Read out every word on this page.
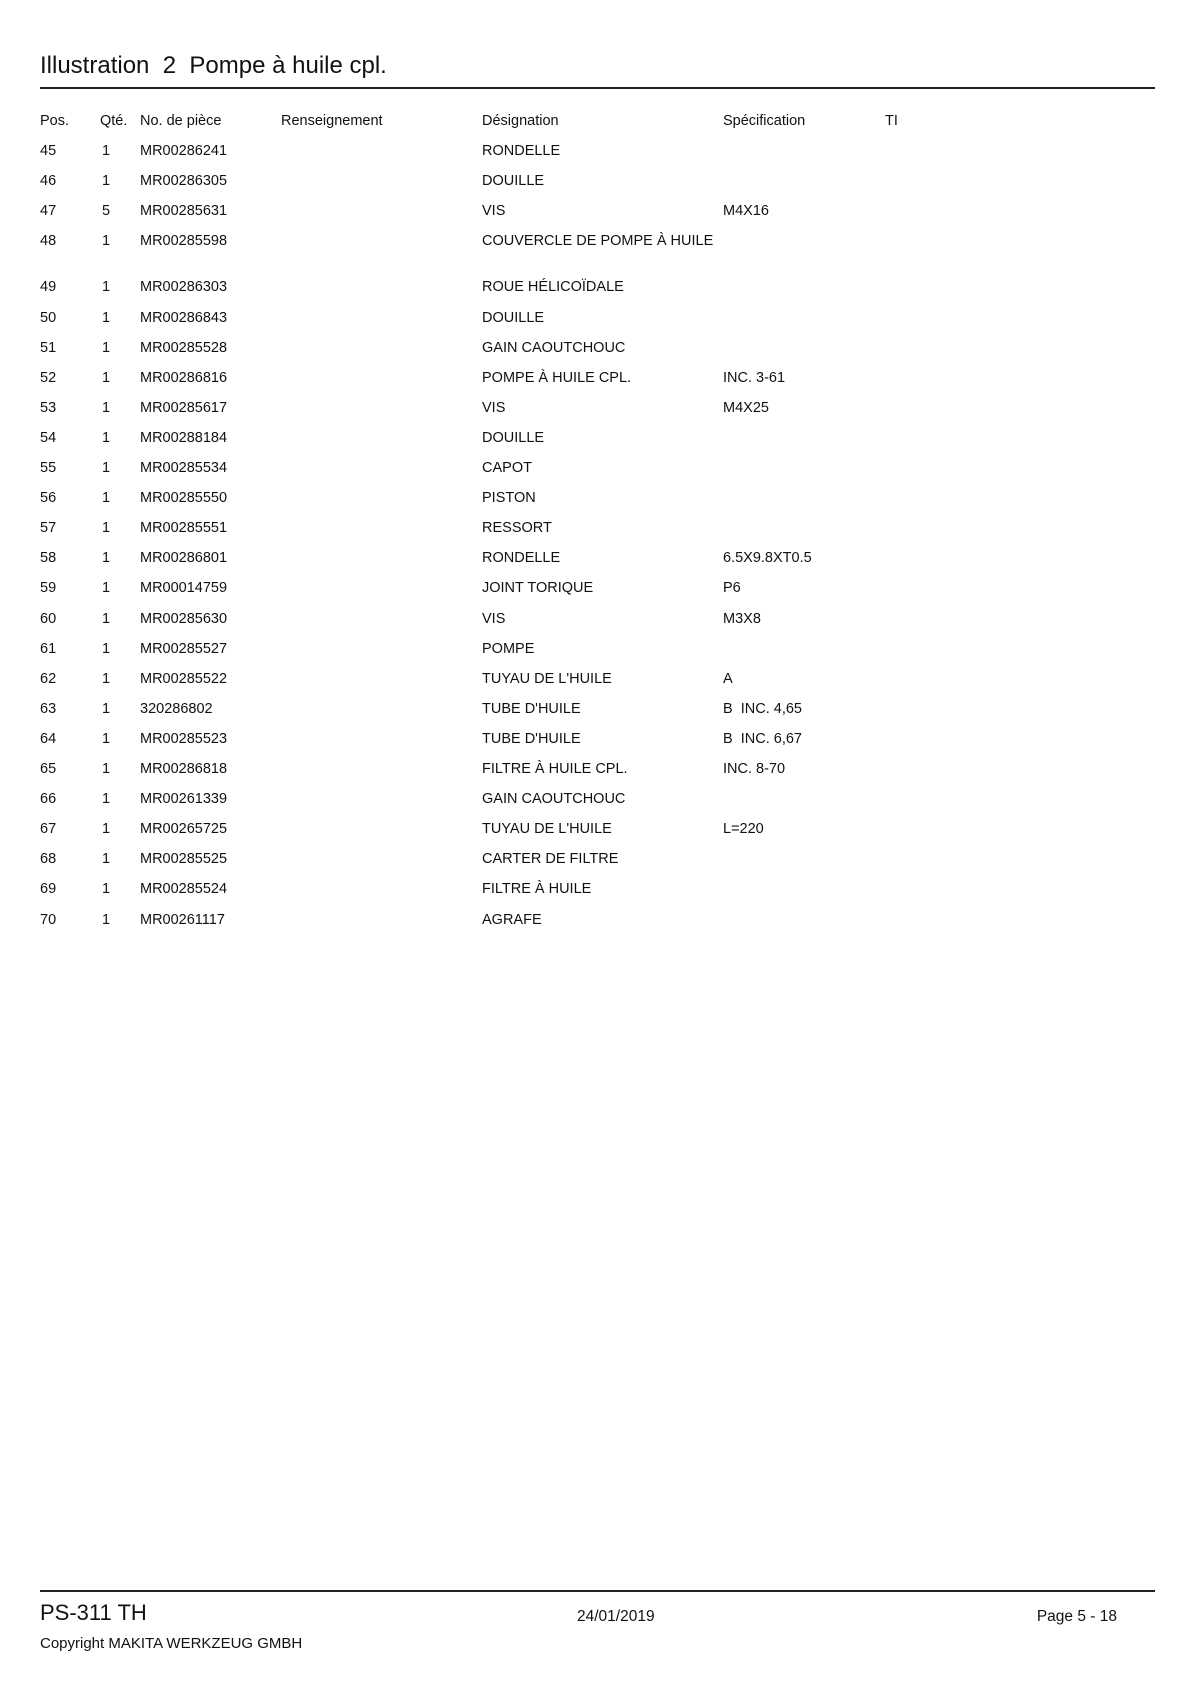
Illustration  2  Pompe à huile cpl.
Pos. Qté. No. de pièce	Renseignement	Désignation	Spécification	TI
45	1 MR00286241	RONDELLE
46	1 MR00286305	DOUILLE
47	5 MR00285631	VIS	M4X16
48	1 MR00285598	COUVERCLE DE POMPE À HUILE
49	1 MR00286303	ROUE HÉLICOÏDALE
50	1 MR00286843	DOUILLE
51	1 MR00285528	GAIN CAOUTCHOUC
52	1 MR00286816	POMPE À HUILE CPL.	INC. 3-61
53	1 MR00285617	VIS	M4X25
54	1 MR00288184	DOUILLE
55	1 MR00285534	CAPOT
56	1 MR00285550	PISTON
57	1 MR00285551	RESSORT
58	1 MR00286801	RONDELLE	6.5X9.8XT0.5
59	1 MR00014759	JOINT TORIQUE	P6
60	1 MR00285630	VIS	M3X8
61	1 MR00285527	POMPE
62	1 MR00285522	TUYAU DE L'HUILE	A
63	1 320286802	TUBE D'HUILE	B  INC. 4,65
64	1 MR00285523	TUBE D'HUILE	B  INC. 6,67
65	1 MR00286818	FILTRE À HUILE CPL.	INC. 8-70
66	1 MR00261339	GAIN CAOUTCHOUC
67	1 MR00265725	TUYAU DE L'HUILE	L=220
68	1 MR00285525	CARTER DE FILTRE
69	1 MR00285524	FILTRE À HUILE
70	1 MR00261117	AGRAFE
PS-311 TH	24/01/2019	Page 5 - 18
Copyright MAKITA WERKZEUG GMBH
